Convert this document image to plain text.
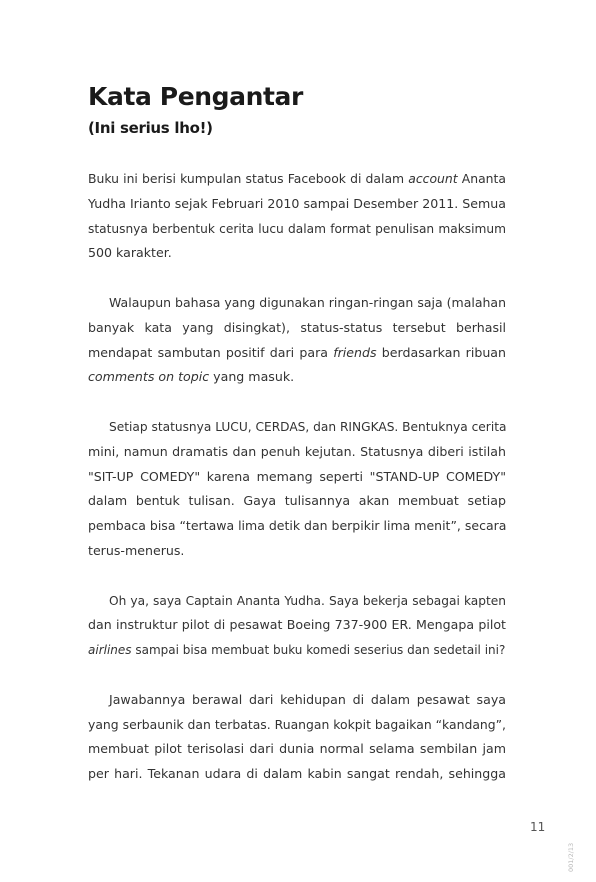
Kata Pengantar
(Ini serius lho!)
Buku ini berisi kumpulan status Facebook di dalam account Ananta
Yudha Irianto sejak Februari 2010 sampai Desember 2011. Semua
statusnya berbentuk cerita lucu dalam format penulisan maksimum
500 karakter.
Walaupun bahasa yang digunakan ringan-ringan saja (malahan
banyak kata yang disingkat), status-status tersebut berhasil
mendapat sambutan positif dari para friends berdasarkan ribuan
comments on topic yang masuk.
Setiap statusnya LUCU, CERDAS, dan RINGKAS. Bentuknya cerita
mini, namun dramatis dan penuh kejutan. Statusnya diberi istilah
"SIT-UP COMEDY" karena memang seperti "STAND-UP COMEDY"
dalam bentuk tulisan. Gaya tulisannya akan membuat setiap
pembaca bisa “tertawa lima detik dan berpikir lima menit”, secara
terus-menerus.
Oh ya, saya Captain Ananta Yudha. Saya bekerja sebagai kapten
dan instruktur pilot di pesawat Boeing 737-900 ER. Mengapa pilot
airlines sampai bisa membuat buku komedi seserius dan sedetail ini?
Jawabannya berawal dari kehidupan di dalam pesawat saya
yang serbaunik dan terbatas. Ruangan kokpit bagaikan “kandang”,
membuat pilot terisolasi dari dunia normal selama sembilan jam
per hari. Tekanan udara di dalam kabin sangat rendah, sehingga
11
001/2/13
